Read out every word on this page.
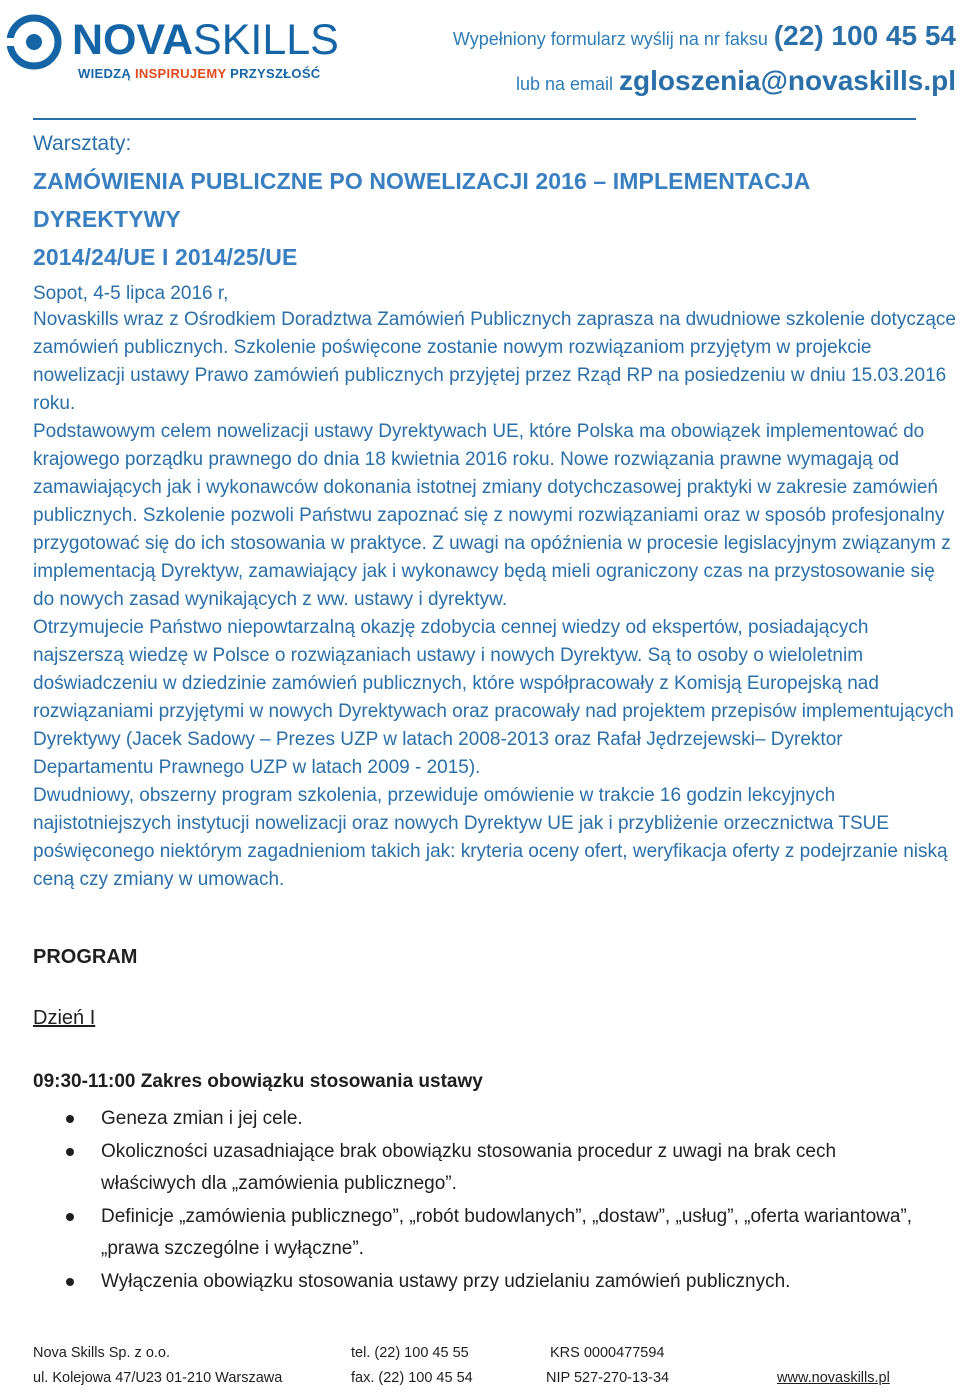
NOVASKILLS
WIEDZĄ INSPIRUJEMY PRZYSZŁOŚĆ
Wypełniony formularz wyślij na nr faksu (22) 100 45 54
lub na email zgloszenia@novaskills.pl

Warsztaty:

ZAMÓWIENIA PUBLICZNE PO NOWELIZACJI 2016 – IMPLEMENTACJA DYREKTYWY

2014/24/UE I 2014/25/UE

Sopot, 4-5 lipca 2016 r,

Novaskills wraz z Ośrodkiem Doradztwa Zamówień Publicznych zaprasza na dwudniowe szkolenie dotyczące zamówień publicznych. Szkolenie poświęcone zostanie nowym rozwiązaniom przyjętym w projekcie nowelizacji ustawy Prawo zamówień publicznych przyjętej przez Rząd RP na posiedzeniu w dniu 15.03.2016 roku.

Podstawowym celem nowelizacji ustawy Dyrektywach UE, które Polska ma obowiązek implementować do krajowego porządku prawnego do dnia 18 kwietnia 2016 roku. Nowe rozwiązania prawne wymagają od zamawiających jak i wykonawców dokonania istotnej zmiany dotychczasowej praktyki w zakresie zamówień publicznych. Szkolenie pozwoli Państwu zapoznać się z nowymi rozwiązaniami oraz w sposób profesjonalny przygotować się do ich stosowania w praktyce. Z uwagi na opóźnienia w procesie legislacyjnym związanym z implementacją Dyrektyw, zamawiający jak i wykonawcy będą mieli ograniczony czas na przystosowanie się do nowych zasad wynikających z ww. ustawy i dyrektyw.

Otrzymujecie Państwo niepowtarzalną okazję zdobycia cennej wiedzy od ekspertów, posiadających najszerszą wiedzę w Polsce o rozwiązaniach ustawy i nowych Dyrektyw. Są to osoby o wieloletnim doświadczeniu w dziedzinie zamówień publicznych, które współpracowały z Komisją Europejską nad rozwiązaniami przyjętymi w nowych Dyrektywach oraz pracowały nad projektem przepisów implementujących Dyrektywy (Jacek Sadowy – Prezes UZP w latach 2008-2013 oraz Rafał Jędrzejewski– Dyrektor Departamentu Prawnego UZP w latach 2009 - 2015).

Dwudniowy, obszerny program szkolenia, przewiduje omówienie w trakcie 16 godzin lekcyjnych najistotniejszych instytucji nowelizacji oraz nowych Dyrektyw UE jak i przybliżenie orzecznictwa TSUE poświęconego niektórym zagadnieniom takich jak: kryteria oceny ofert, weryfikacja oferty z podejrzanie niską ceną czy zmiany w umowach.

PROGRAM
Dzień I
09:30-11:00 Zakres obowiązku stosowania ustawy
Geneza zmian i jej cele.
Okoliczności uzasadniające brak obowiązku stosowania procedur z uwagi na brak cech właściwych dla „zamówienia publicznego”.
Definicje „zamówienia publicznego”, „robót budowlanych”, „dostaw”, „usług”, „oferta wariantowa”, „prawa szczególne i wyłączne”.
Wyłączenia obowiązku stosowania ustawy przy udzielaniu zamówień publicznych.
Nova Skills Sp. z o.o.	tel. (22) 100 45 55	KRS 0000477594
ul. Kolejowa 47/U23 01-210 Warszawa	fax. (22) 100 45 54	NIP 527-270-13-34	www.novaskills.pl
